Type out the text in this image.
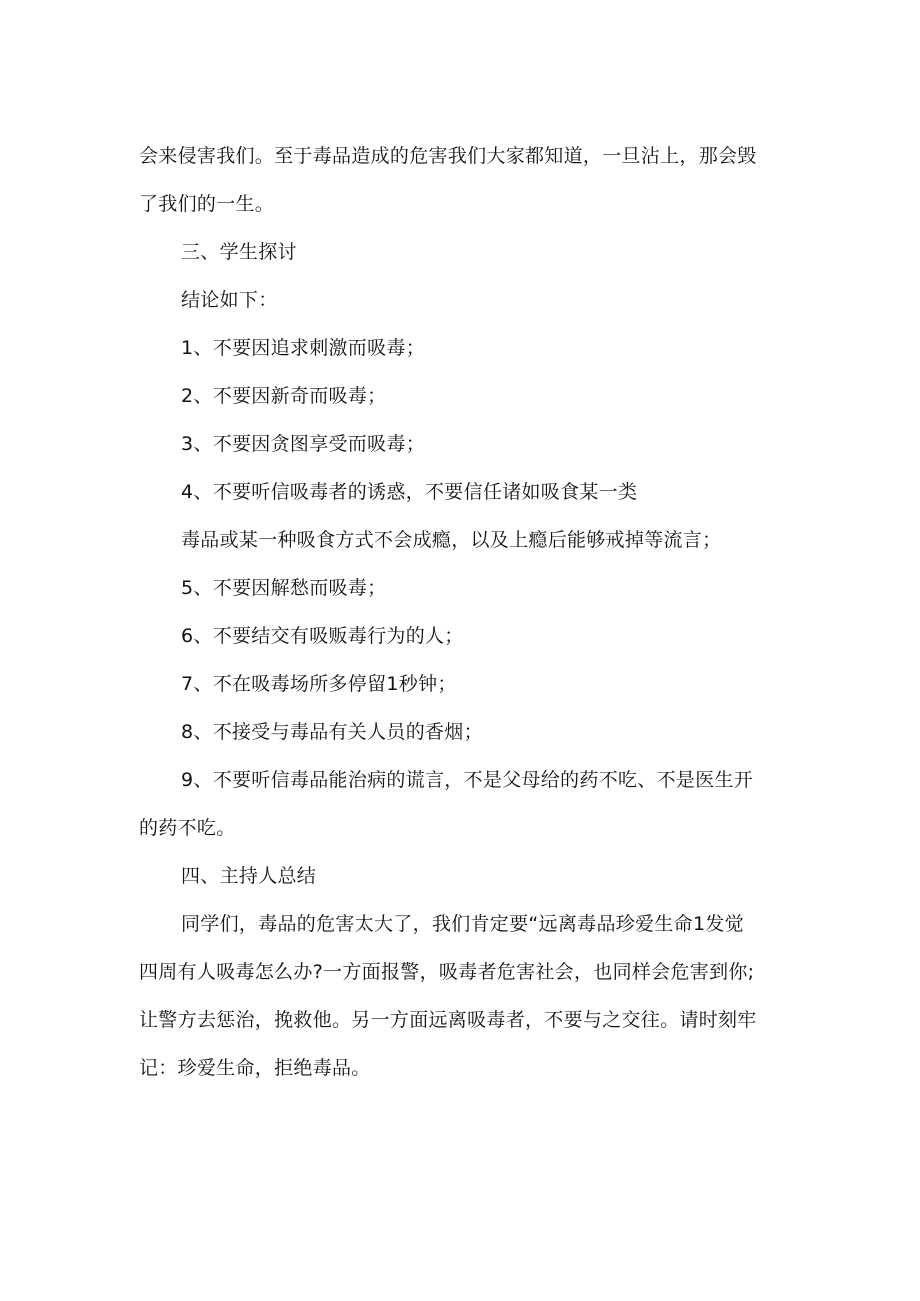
会来侵害我们。至于毒品造成的危害我们大家都知道，一旦沾上，那会毁
了我们的一生。
三、学生探讨
结论如下：
1、不要因追求刺激而吸毒；
2、不要因新奇而吸毒；
3、不要因贪图享受而吸毒；
4、不要听信吸毒者的诱惑，不要信任诸如吸食某一类
毒品或某一种吸食方式不会成瘾，以及上瘾后能够戒掉等流言；
5、不要因解愁而吸毒；
6、不要结交有吸贩毒行为的人；
7、不在吸毒场所多停留1秒钟；
8、不接受与毒品有关人员的香烟；
9、不要听信毒品能治病的谎言，不是父母给的药不吃、不是医生开
的药不吃。
四、主持人总结
同学们，毒品的危害太大了，我们肯定要“远离毒品珍爱生命1发觉
四周有人吸毒怎么办?一方面报警，吸毒者危害社会，也同样会危害到你;
让警方去惩治，挽救他。另一方面远离吸毒者，不要与之交往。请时刻牢
记：珍爱生命，拒绝毒品。
